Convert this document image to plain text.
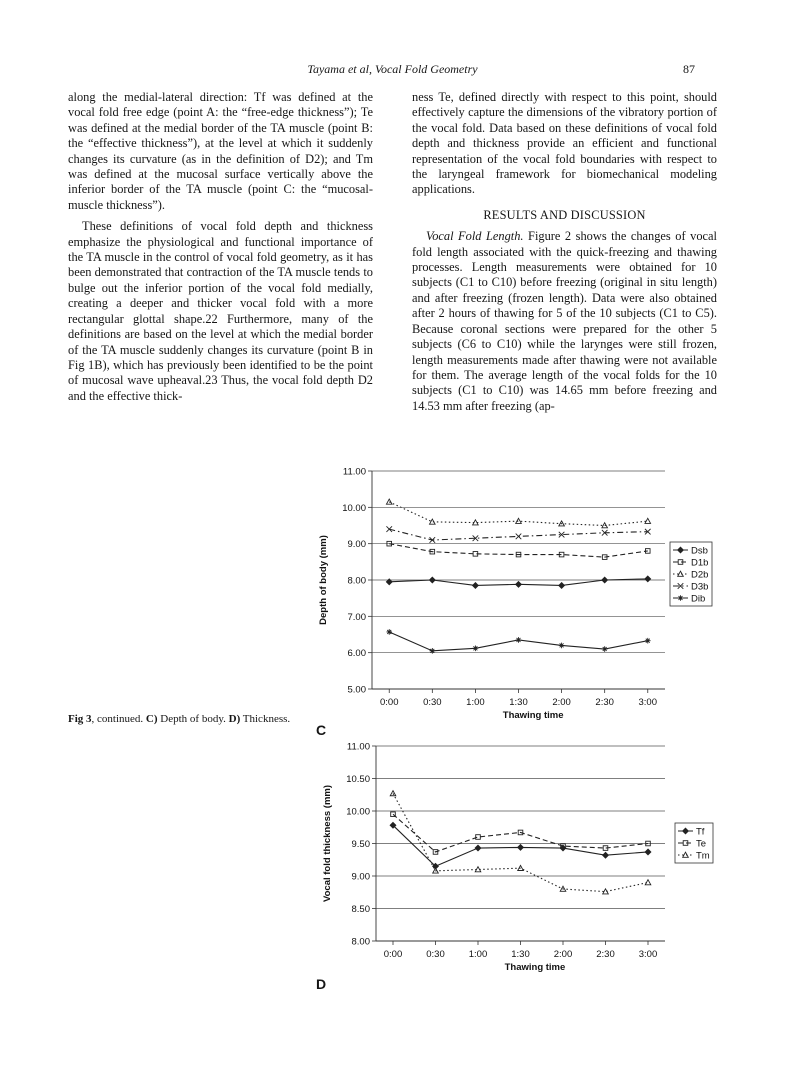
Tayama et al, Vocal Fold Geometry	87

along the medial-lateral direction: Tf was defined at the vocal fold free edge (point A: the “free-edge thickness”); Te was defined at the medial border of the TA muscle (point B: the “effective thickness”), at the level at which it suddenly changes its curvature (as in the definition of D2); and Tm was defined at the mucosal surface vertically above the inferior border of the TA muscle (point C: the “mucosal-muscle thickness”).

These definitions of vocal fold depth and thickness emphasize the physiological and functional importance of the TA muscle in the control of vocal fold geometry, as it has been demonstrated that contraction of the TA muscle tends to bulge out the inferior portion of the vocal fold medially, creating a deeper and thicker vocal fold with a more rectangular glottal shape.22 Furthermore, many of the definitions are based on the level at which the medial border of the TA muscle suddenly changes its curvature (point B in Fig 1B), which has previously been identified to be the point of mucosal wave upheaval.23 Thus, the vocal fold depth D2 and the effective thick-

ness Te, defined directly with respect to this point, should effectively capture the dimensions of the vibratory portion of the vocal fold. Data based on these definitions of vocal fold depth and thickness provide an efficient and functional representation of the vocal fold boundaries with respect to the laryngeal framework for biomechanical modeling applications.

RESULTS AND DISCUSSION

Vocal Fold Length. Figure 2 shows the changes of vocal fold length associated with the quick-freezing and thawing processes. Length measurements were obtained for 10 subjects (C1 to C10) before freezing (original in situ length) and after freezing (frozen length). Data were also obtained after 2 hours of thawing for 5 of the 10 subjects (C1 to C5). Because coronal sections were prepared for the other 5 subjects (C6 to C10) while the larynges were still frozen, length measurements made after thawing were not available for them. The average length of the vocal folds for the 10 subjects (C1 to C10) was 14.65 mm before freezing and 14.53 mm after freezing (ap-

Fig 3, continued. C) Depth of body. D) Thickness.
C
D
5.00
6.00
7.00
8.00
9.00
10.00
11.00
0:00	0:30	1:00	1:30	2:00	2:30	3:00
Thawing time
Depth of body (mm)	Dsb
D1b
D2b
D3b
Dib
8.00
8.50
9.00
9.50
10.00
10.50
11.00
0:00	0:30	1:00	1:30	2:00	2:30	3:00
Thawing time
Vocal fold thickness (mm)	Tf
Te
Tm
